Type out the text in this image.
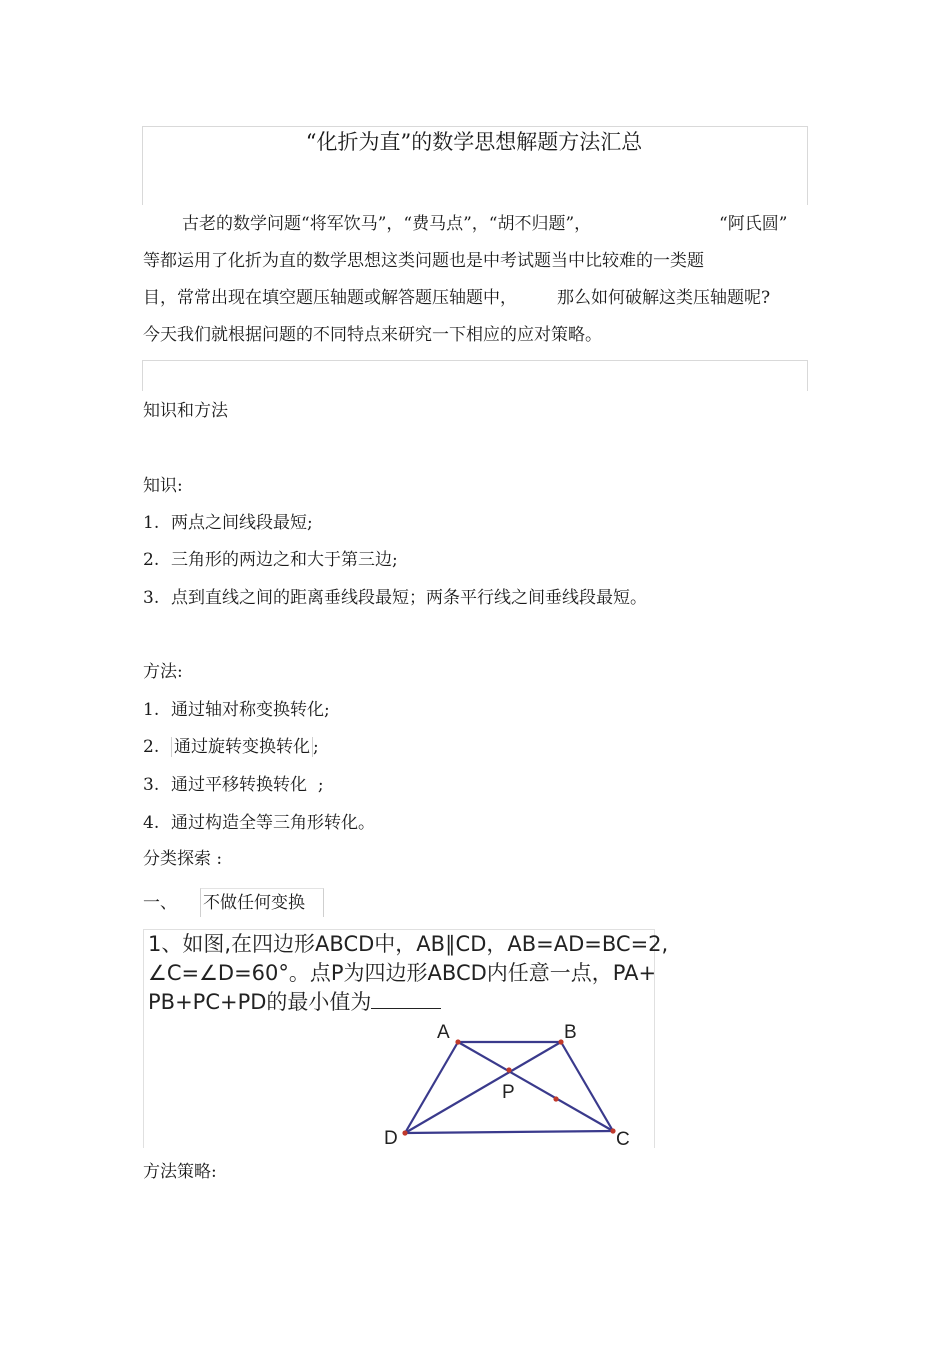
“化折为直”的数学思想解题方法汇总
古老的数学问题“将军饮马”，“费马点”，“胡不归题”，	“阿氏圆”
等都运用了化折为直的数学思想这类问题也是中考试题当中比较难的一类题
目，常常出现在填空题压轴题或解答题压轴题中， 那么如何破解这类压轴题呢?
今天我们就根据问题的不同特点来研究一下相应的应对策略。
知识和方法
知识:
1. 两点之间线段最短;
2. 三角形的两边之和大于第三边;
3. 点到直线之间的距离垂线段最短；两条平行线之间垂线段最短。
方法:
1. 通过轴对称变换转化;
2. 通过旋转变换转化 ;
3. 通过平移转换转化 ;
4. 通过构造全等三角形转化。
分类探索 :
一、 不做任何变换
1、如图,在四边形ABCD中，AB∥CD，AB=AD=BC=2,
∠C=∠D=60°。点P为四边形ABCD内任意一点，PA+
PB+PC+PD的最小值为
A	B
C
D
P
方法策略:
